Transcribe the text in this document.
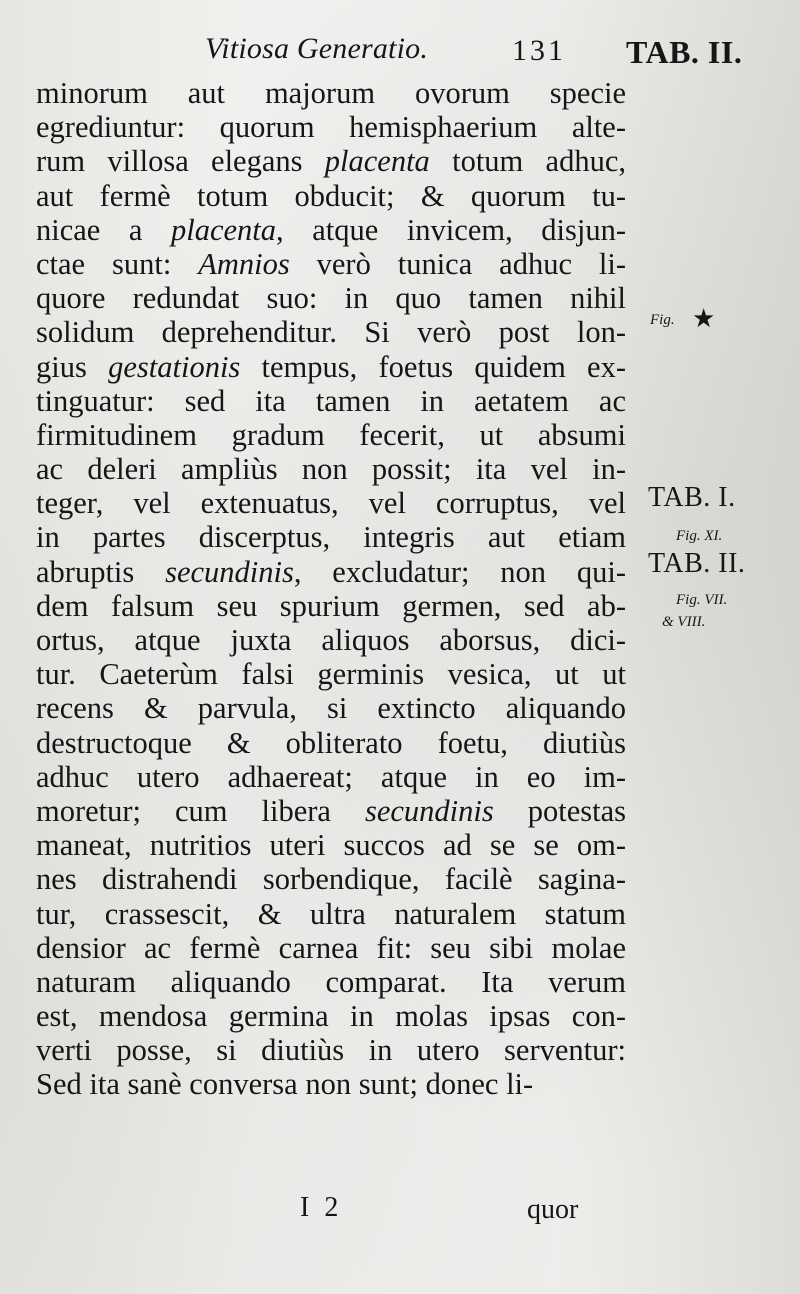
Vitiosa Generatio.	131 TAB. II.
minorum aut majorum ovorum specie
egrediuntur: quorum hemisphaerium alte-
rum villosa elegans placenta totum adhuc,
aut fermè totum obducit; & quorum tu-
nicae a placenta, atque invicem, disjun-
ctae sunt: Amnios verò tunica adhuc li-
quore redundat suo: in quo tamen nihil
solidum deprehenditur. Si verò post lon-
gius gestationis tempus, foetus quidem ex-
tinguatur: sed ita tamen in aetatem ac
firmitudinem gradum fecerit, ut absumi
ac deleri ampliùs non possit; ita vel in-
teger, vel extenuatus, vel corruptus, vel
in partes discerptus, integris aut etiam
abruptis secundinis, excludatur; non qui-
dem falsum seu spurium germen, sed ab-
ortus, atque juxta aliquos aborsus, dici-
tur. Caeterùm falsi germinis vesica, ut ut
recens & parvula, si extincto aliquando
destructoque & obliterato foetu, diutiùs
adhuc utero adhaereat; atque in eo im-
moretur; cum libera secundinis potestas
maneat, nutritios uteri succos ad se se om-
nes distrahendi sorbendique, facilè sagina-
tur, crassescit, & ultra naturalem statum
densior ac fermè carnea fit: seu sibi molae
naturam aliquando comparat. Ita verum
est, mendosa germina in molas ipsas con-
verti posse, si diutiùs in utero serventur:
Sed ita sanè conversa non sunt; donec li-
Fig. ★
TAB. I.
Fig. XI.
TAB. II.
Fig. VII.
& VIII.
I 2	quor
